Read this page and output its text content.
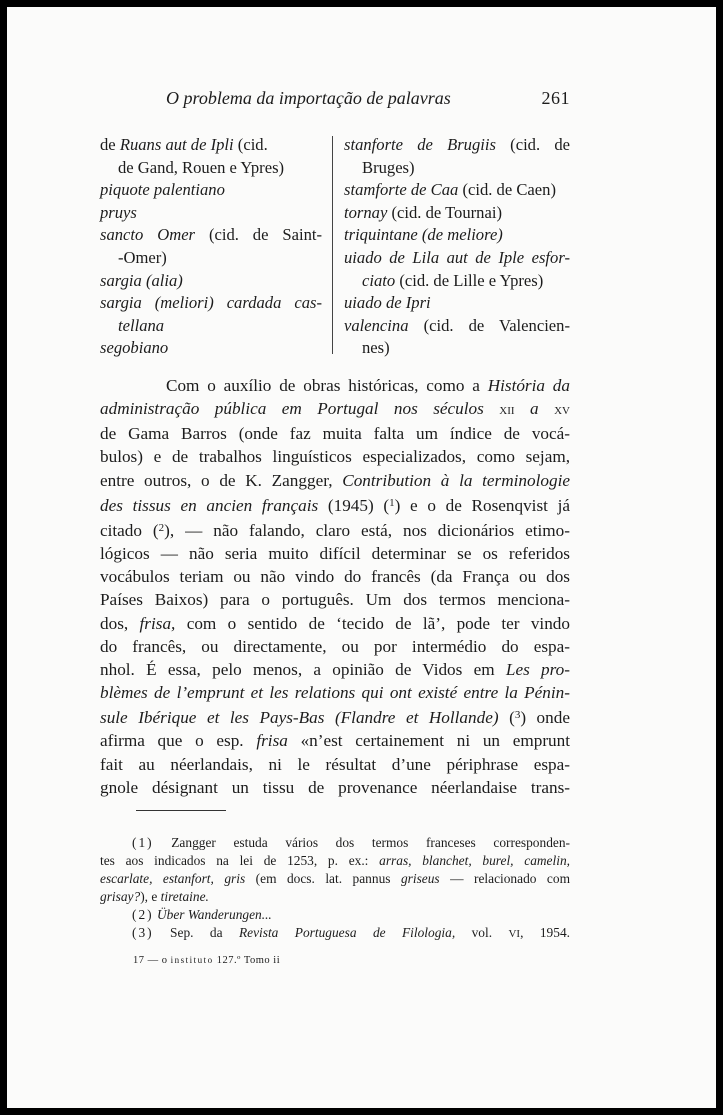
O problema da importação de palavras	261
de Ruans aut de Ipli (cid.
de Gand, Rouen e Ypres)
piquote palentiano
pruys
sancto Omer (cid. de Saint-
-Omer)
sargia (alia)
sargia (meliori) cardada cas-
tellana
segobiano
stanforte de Brugiis (cid. de
Bruges)
stamforte de Caa (cid. de Caen)
tornay (cid. de Tournai)
triquintane (de meliore)
uiado de Lila aut de Iple esfor-
ciato (cid. de Lille e Ypres)
uiado de Ipri
valencina (cid. de Valencien-
nes)
Com o auxílio de obras históricas, como a História da
administração pública em Portugal nos séculos xii a xv
de Gama Barros (onde faz muita falta um índice de vocá-
bulos) e de trabalhos linguísticos especializados, como sejam,
entre outros, o de K. Zangger, Contribution à la terminologie
des tissus en ancien français (1945) ($^1$) e o de Rosenqvist já
citado ($^2$), — não falando, claro está, nos dicionários etimo-
lógicos — não seria muito difícil determinar se os referidos
vocábulos teriam ou não vindo do francês (da França ou dos
Países Baixos) para o português. Um dos termos menciona-
dos, frisa, com o sentido de ‘tecido de lã’, pode ter vindo
do francês, ou directamente, ou por intermédio do espa-
nhol. É essa, pelo menos, a opinião de Vidos em Les pro-
blèmes de l’emprunt et les relations qui ont existé entre la Pénin-
sule Ibérique et les Pays-Bas (Flandre et Hollande) ($^3$) onde
afirma que o esp. frisa «n’est certainement ni un emprunt
fait au néerlandais, ni le résultat d’une périphrase espa-
gnole désignant un tissu de provenance néerlandaise trans-
(1) Zangger estuda vários dos termos franceses corresponden-
tes aos indicados na lei de 1253, p. ex.: arras, blanchet, burel, camelin,
escarlate, estanfort, gris (em docs. lat. pannus griseus — relacionado com
grisay?), e tiretaine.
(2) Über Wanderungen...
(3) Sep. da Revista Portuguesa de Filologia, vol. vi, 1954.
17 — o instituto 127.º Tomo ii
